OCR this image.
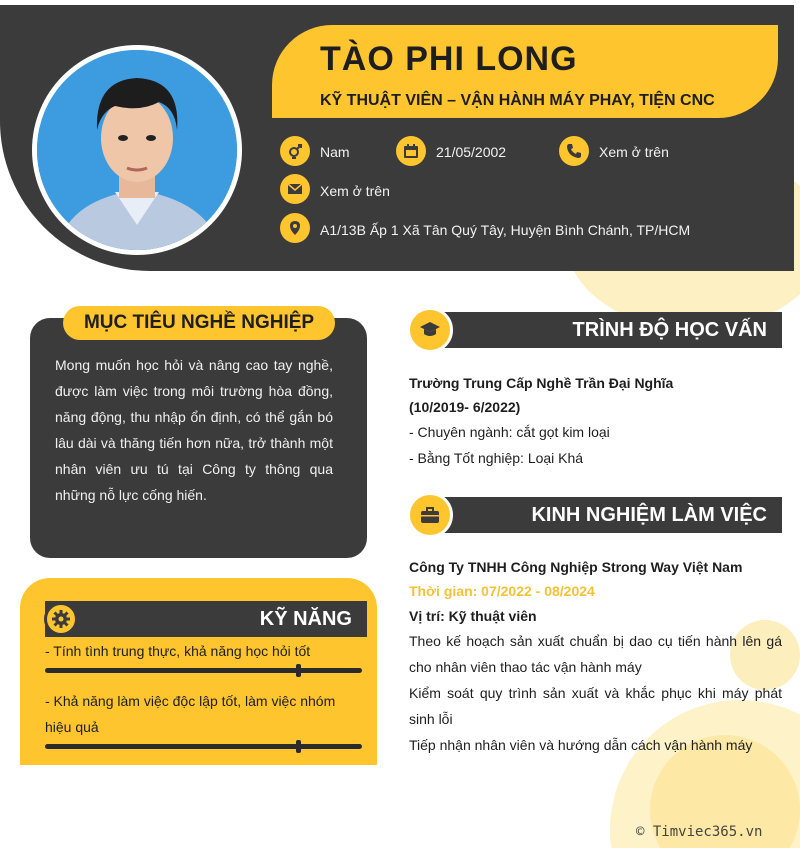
TÀO PHI LONG
KỸ THUẬT VIÊN – VẬN HÀNH MÁY PHAY, TIỆN CNC
Nam	21/05/2002	Xem ở trên
Xem ở trên
A1/13B Ấp 1 Xã Tân Quý Tây, Huyện Bình Chánh, TP/HCM
MỤC TIÊU NGHỀ NGHIỆP
Mong muốn học hỏi và nâng cao tay nghề, được làm việc trong môi trường hòa đồng, năng động, thu nhập ổn định, có thể gắn bó lâu dài và thăng tiến hơn nữa, trở thành một nhân viên ưu tú tại Công ty thông qua những nỗ lực cống hiến.
KỸ NĂNG
- Tính tình trung thực, khả năng học hỏi tốt
- Khả năng làm việc độc lập tốt, làm việc nhóm hiệu quả
TRÌNH ĐỘ HỌC VẤN
Trường Trung Cấp Nghề Trần Đại Nghĩa
(10/2019- 6/2022)
- Chuyên ngành: cắt gọt kim loại
- Bằng Tốt nghiệp: Loại Khá
KINH NGHIỆM LÀM VIỆC
Công Ty TNHH Công Nghiệp Strong Way Việt Nam
Thời gian: 07/2022 - 08/2024
Vị trí: Kỹ thuật viên
Theo kế hoạch sản xuất chuẩn bị dao cụ tiến hành lên gá cho nhân viên thao tác vận hành máy
Kiểm soát quy trình sản xuất và khắc phục khi máy phát sinh lỗi
Tiếp nhận nhân viên và hướng dẫn cách vận hành máy
© Timviec365.vn
